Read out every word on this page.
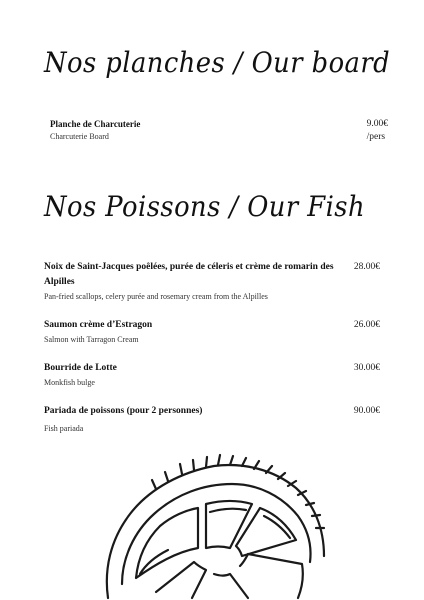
Nos planches / Our board
Planche de Charcuterie
Charcuterie Board
9.00€
/pers
Nos Poissons / Our Fish
Noix de Saint-Jacques poêlées, purée de céleris et crème de romarin des Alpilles
Pan-fried scallops, celery purée and rosemary cream from the Alpilles
28.00€
Saumon crème d’Estragon
Salmon with Tarragon Cream
26.00€
Bourride de Lotte
Monkfish bulge
30.00€
Pariada de poissons (pour 2 personnes)
Fish pariada
90.00€
